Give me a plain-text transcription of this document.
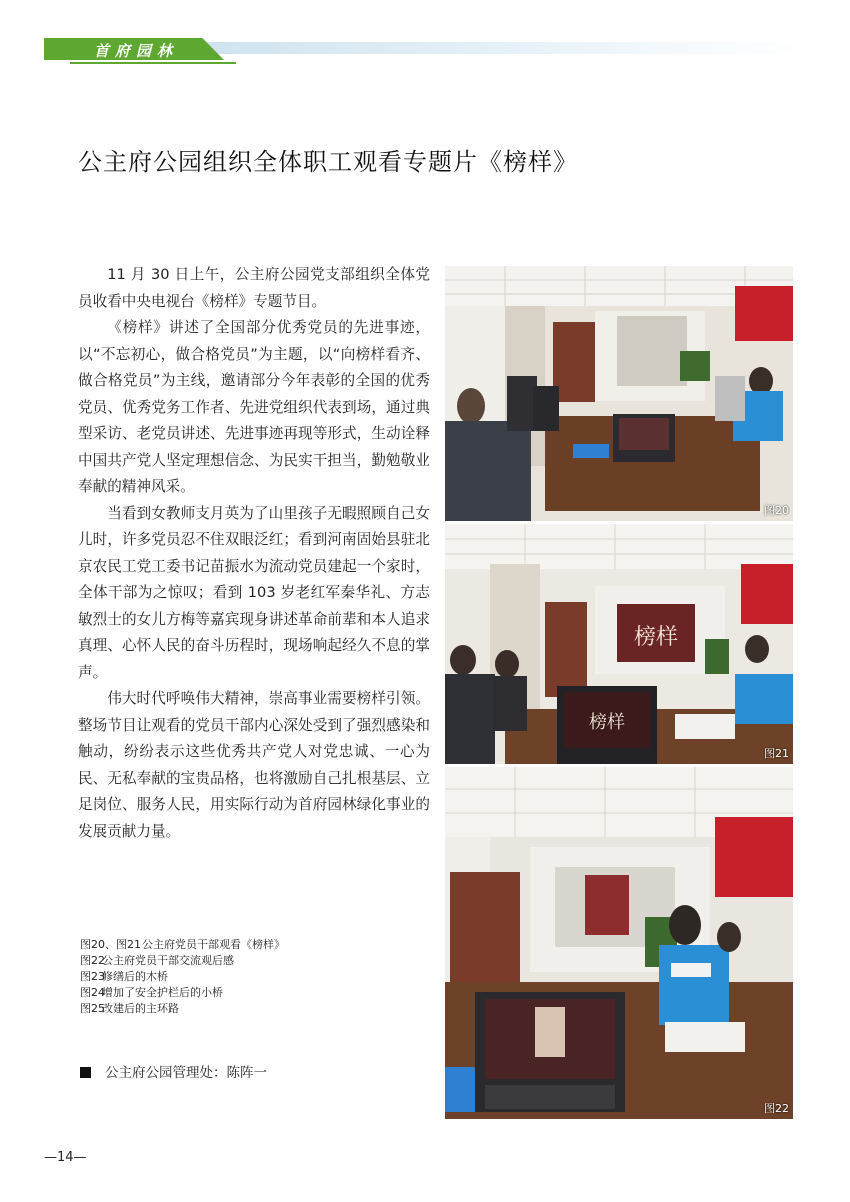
首府园林
公主府公园组织全体职工观看专题片《榜样》

11 月 30 日上午，公主府公园党支部组织全体党员收看中央电视台《榜样》专题节目。

《榜样》讲述了全国部分优秀党员的先进事迹，以“不忘初心，做合格党员”为主题，以“向榜样看齐、做合格党员”为主线，邀请部分今年表彰的全国的优秀党员、优秀党务工作者、先进党组织代表到场，通过典型采访、老党员讲述、先进事迹再现等形式，生动诠释中国共产党人坚定理想信念、为民实干担当，勤勉敬业奉献的精神风采。

当看到女教师支月英为了山里孩子无暇照顾自己女儿时，许多党员忍不住双眼泛红；看到河南固始县驻北京农民工党工委书记苗振水为流动党员建起一个家时，全体干部为之惊叹；看到 103 岁老红军秦华礼、方志敏烈士的女儿方梅等嘉宾现身讲述革命前辈和本人追求真理、心怀人民的奋斗历程时，现场响起经久不息的掌声。

伟大时代呼唤伟大精神，崇高事业需要榜样引领。整场节目让观看的党员干部内心深处受到了强烈感染和触动，纷纷表示这些优秀共产党人对党忠诚、一心为民、无私奉献的宝贵品格，也将激励自己扎根基层、立足岗位、服务人民，用实际行动为首府园林绿化事业的发展贡献力量。

图20
榜样
榜样
图21
图22
图20、图21公主府党员干部观看《榜样》
图22公主府党员干部交流观后感
图23修缮后的木桥
图24增加了安全护栏后的小桥
图25改建后的主环路
公主府公园管理处：陈阵一
—14—
